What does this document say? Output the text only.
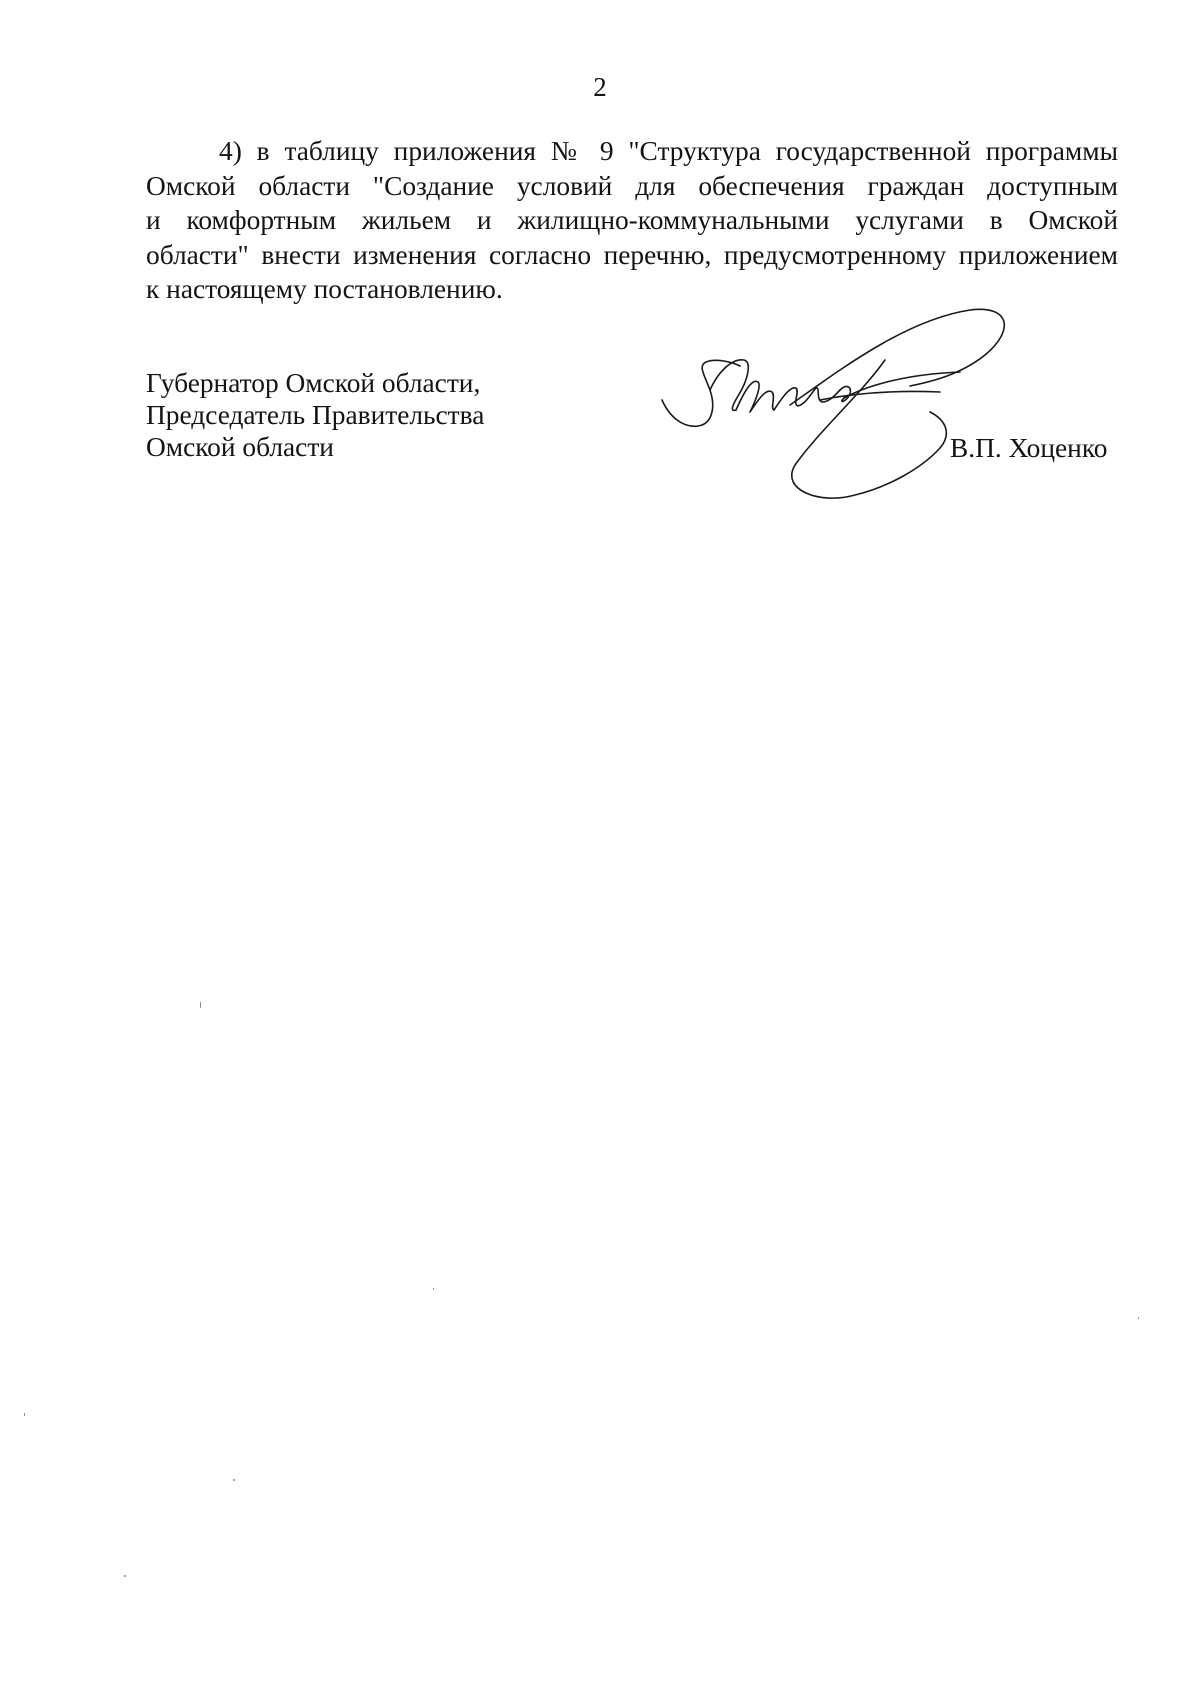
2
4) в таблицу приложения № 9 "Структура государственной программы
Омской области "Создание условий для обеспечения граждан доступным
и комфортным жильем и жилищно-коммунальными услугами в Омской
области" внести изменения согласно перечню, предусмотренному приложением
к настоящему постановлению.
Губернатор Омской области,
Председатель Правительства
Омской области	В.П. Хоценко
